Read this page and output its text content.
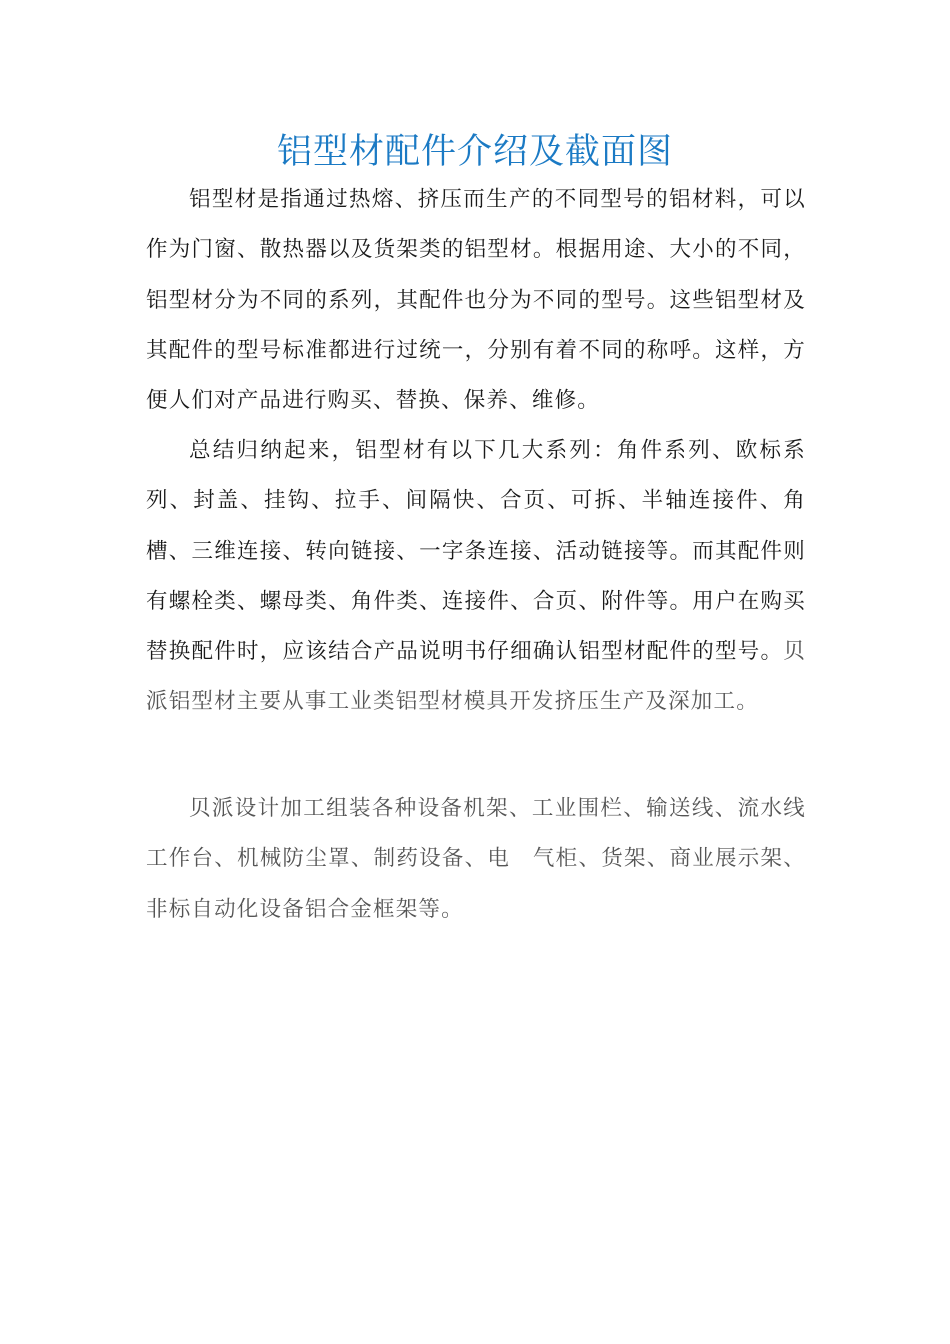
铝型材配件介绍及截面图

铝型材是指通过热熔、挤压而生产的不同型号的铝材料，可以作为门窗、散热器以及货架类的铝型材。根据用途、大小的不同，铝型材分为不同的系列，其配件也分为不同的型号。这些铝型材及其配件的型号标准都进行过统一，分别有着不同的称呼。这样，方便人们对产品进行购买、替换、保养、维修。

总结归纳起来，铝型材有以下几大系列：角件系列、欧标系列、封盖、挂钩、拉手、间隔快、合页、可拆、半轴连接件、角槽、三维连接、转向链接、一字条连接、活动链接等。而其配件则有螺栓类、螺母类、角件类、连接件、合页、附件等。用户在购买替换配件时，应该结合产品说明书仔细确认铝型材配件的型号。贝派铝型材主要从事工业类铝型材模具开发挤压生产及深加工。

贝派设计加工组装各种设备机架、工业围栏、输送线、流水线工作台、机械防尘罩、制药设备、电　气柜、货架、商业展示架、非标自动化设备铝合金框架等。
